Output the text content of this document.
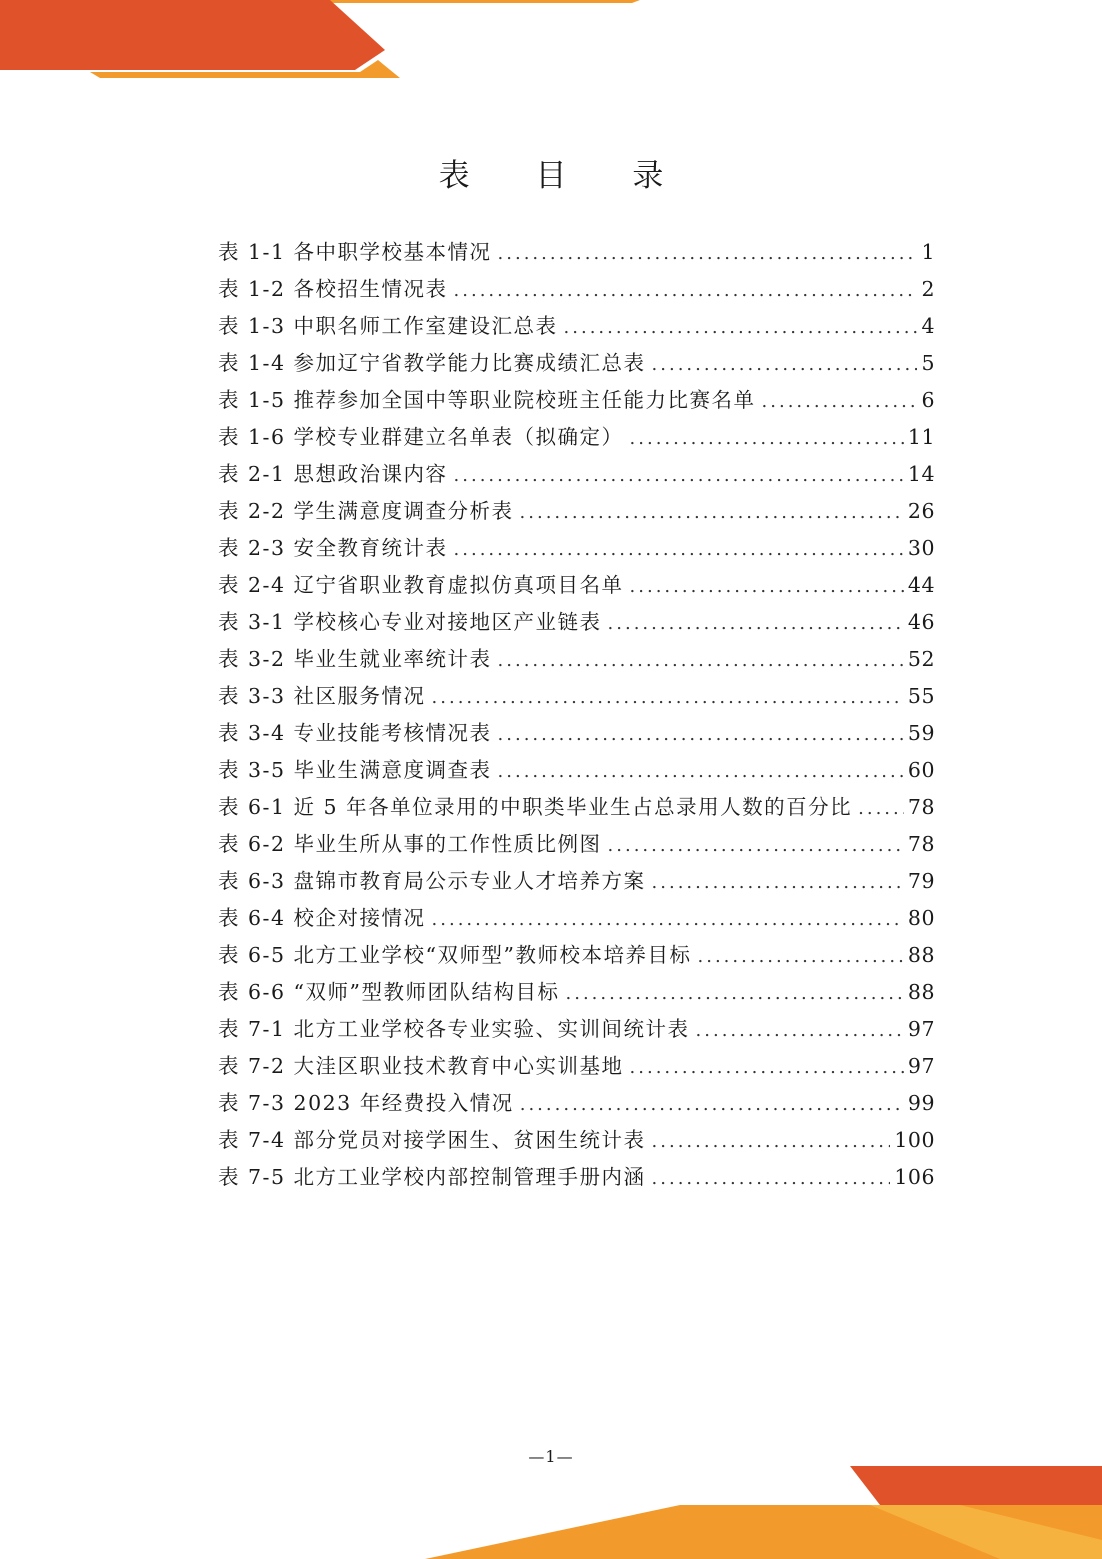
表 目 录
表 1-1 各中职学校基本情况 .....	1
表 1-2 各校招生情况表 .....	2
表 1-3 中职名师工作室建设汇总表 .....	4
表 1-4 参加辽宁省教学能力比赛成绩汇总表 .....	5
表 1-5 推荐参加全国中等职业院校班主任能力比赛名单 .....	6
表 1-6 学校专业群建立名单表（拟确定） .....	11
表 2-1 思想政治课内容 .....	14
表 2-2 学生满意度调查分析表 .....	26
表 2-3 安全教育统计表 .....	30
表 2-4 辽宁省职业教育虚拟仿真项目名单 .....	44
表 3-1 学校核心专业对接地区产业链表 .....	46
表 3-2 毕业生就业率统计表 .....	52
表 3-3 社区服务情况 .....	55
表 3-4 专业技能考核情况表 .....	59
表 3-5 毕业生满意度调查表 .....	60
表 6-1 近 5 年各单位录用的中职类毕业生占总录用人数的百分比 .....	78
表 6-2 毕业生所从事的工作性质比例图 .....	78
表 6-3 盘锦市教育局公示专业人才培养方案 .....	79
表 6-4 校企对接情况 .....	80
表 6-5 北方工业学校“双师型”教师校本培养目标 .....	88
表 6-6 “双师”型教师团队结构目标 .....	88
表 7-1 北方工业学校各专业实验、实训间统计表 .....	97
表 7-2 大洼区职业技术教育中心实训基地 .....	97
表 7-3 2023 年经费投入情况 .....	99
表 7-4 部分党员对接学困生、贫困生统计表 .....	100
表 7-5 北方工业学校内部控制管理手册内涵 .....	106
—1—
